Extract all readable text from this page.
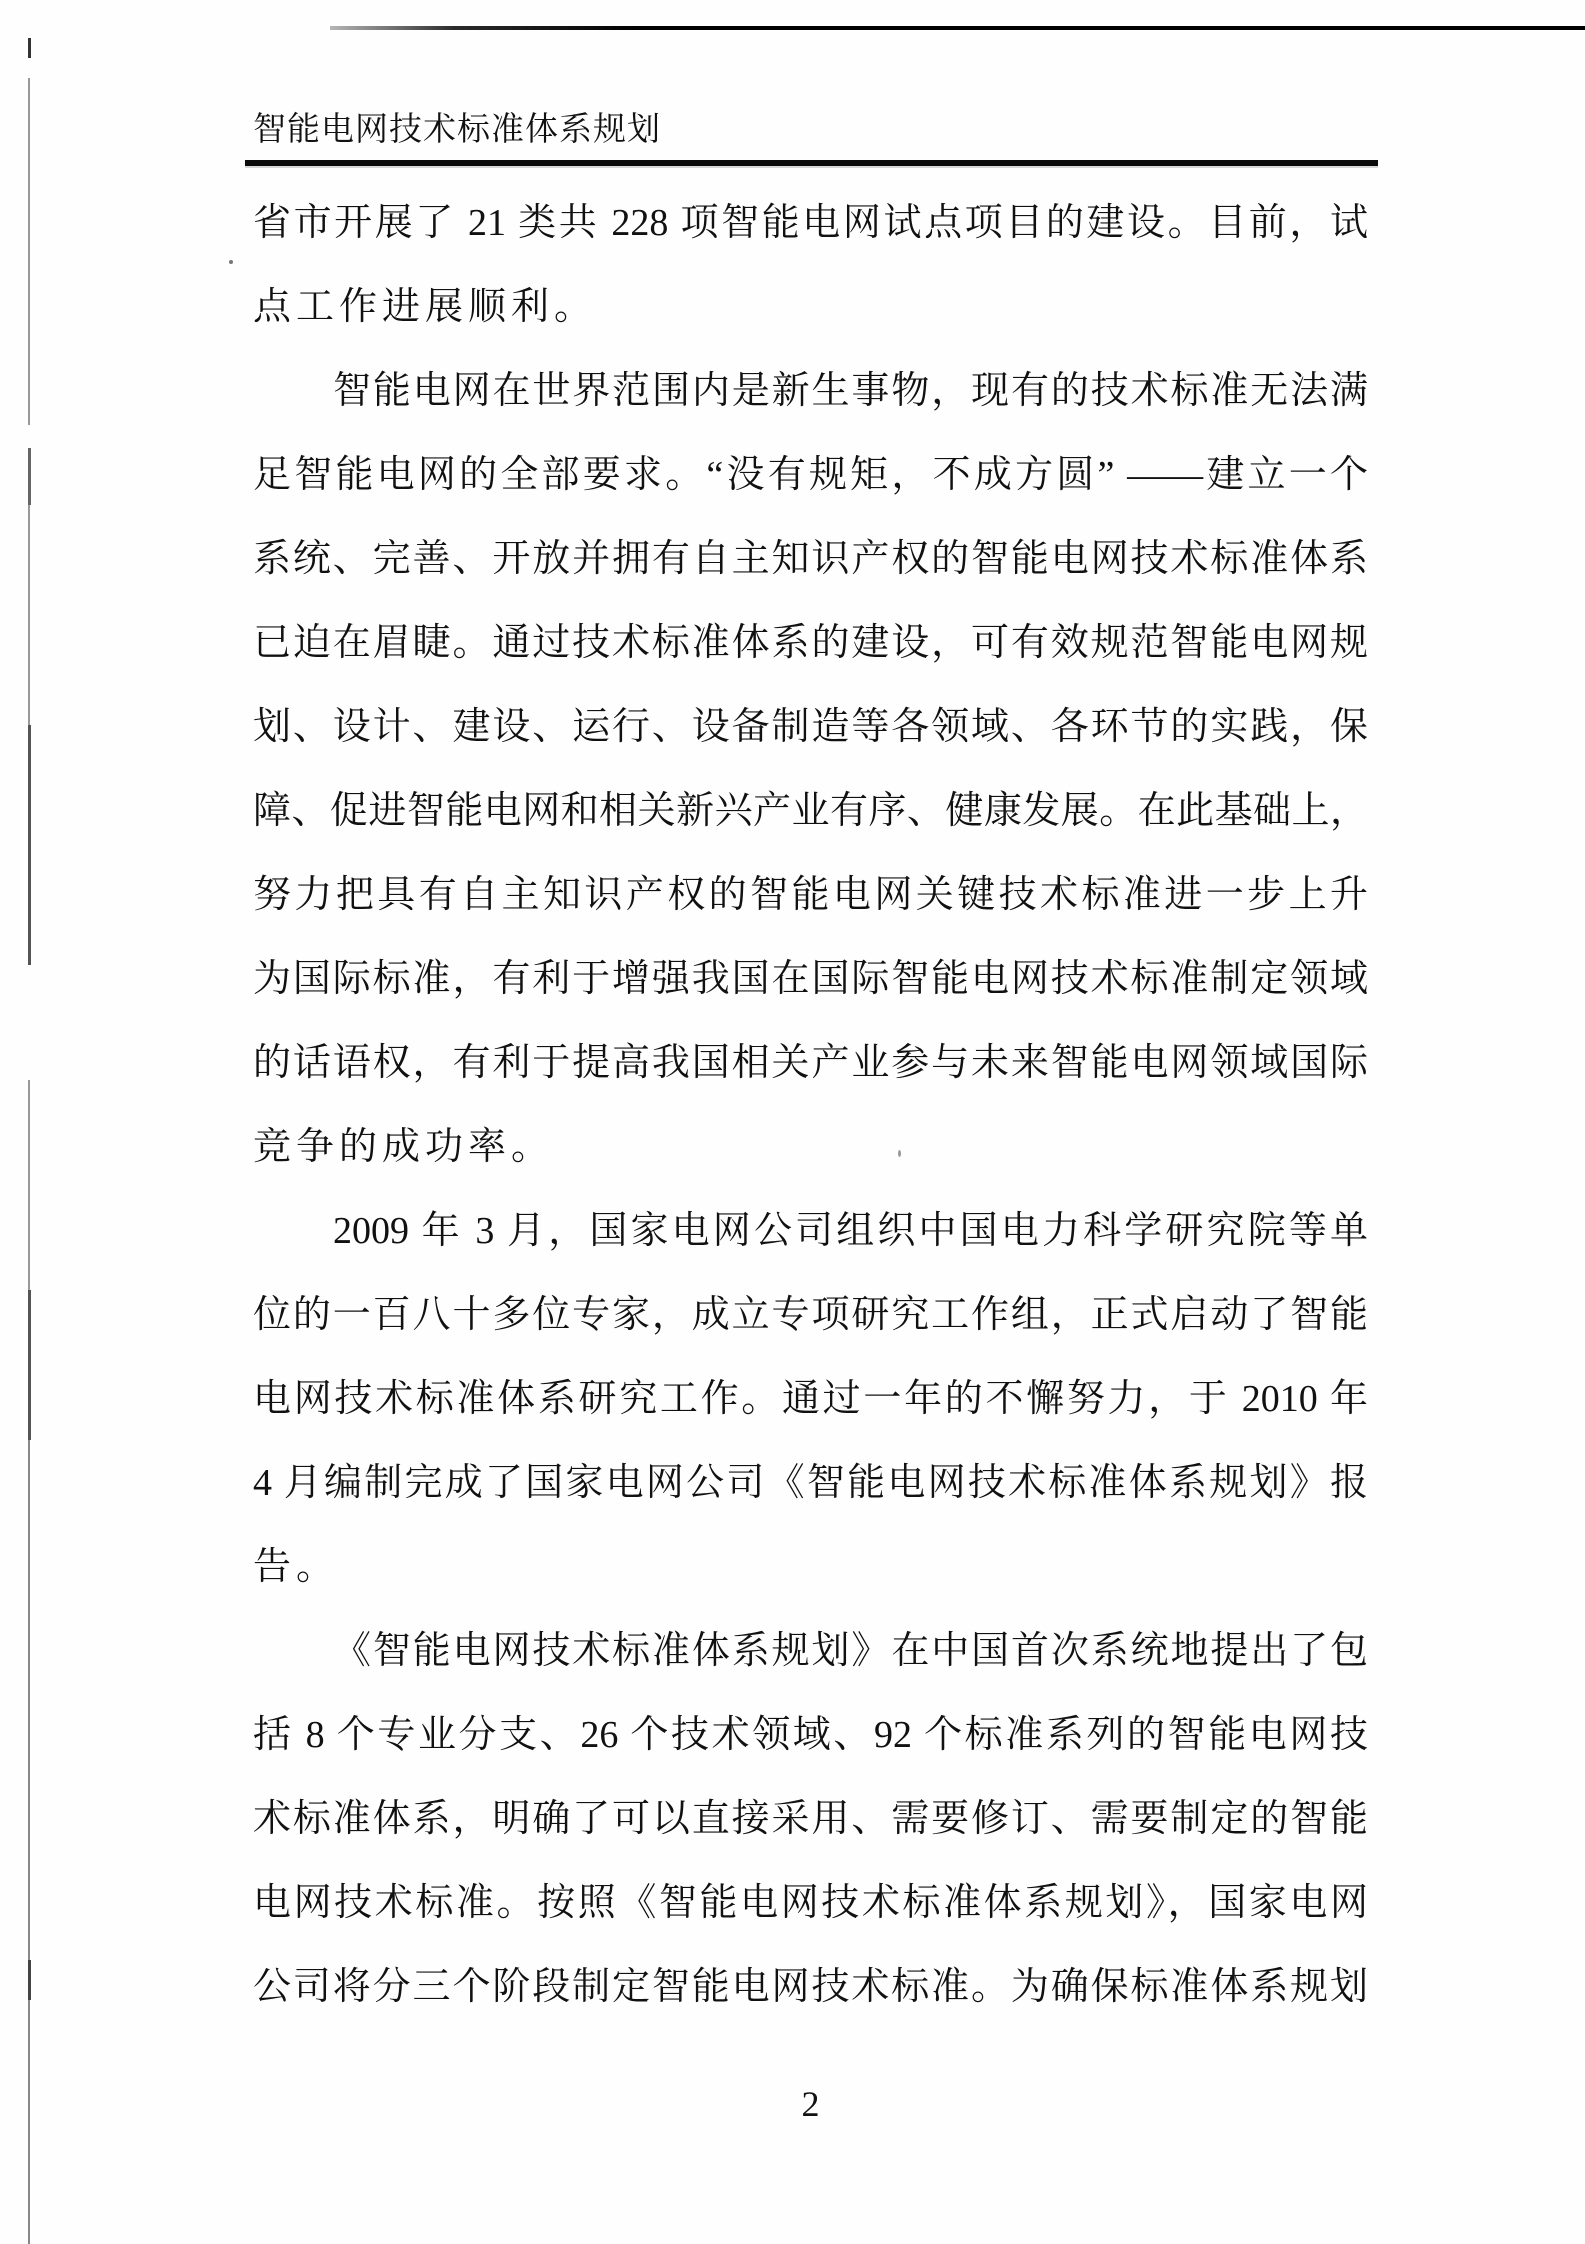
智能电网技术标准体系规划
省市开展了 21 类共 228 项智能电网试点项目的建设。目前，试
点工作进展顺利。
智能电网在世界范围内是新生事物，现有的技术标准无法满
足智能电网的全部要求。“没有规矩，不成方圆” ——建立一个
系统、完善、开放并拥有自主知识产权的智能电网技术标准体系
已迫在眉睫。通过技术标准体系的建设，可有效规范智能电网规
划、设计、建设、运行、设备制造等各领域、各环节的实践，保
障、促进智能电网和相关新兴产业有序、健康发展。在此基础上，
努力把具有自主知识产权的智能电网关键技术标准进一步上升
为国际标准，有利于增强我国在国际智能电网技术标准制定领域
的话语权，有利于提高我国相关产业参与未来智能电网领域国际
竞争的成功率。
2009 年 3 月，国家电网公司组织中国电力科学研究院等单
位的一百八十多位专家，成立专项研究工作组，正式启动了智能
电网技术标准体系研究工作。通过一年的不懈努力，于 2010 年
4 月编制完成了国家电网公司《智能电网技术标准体系规划》报
告。
《智能电网技术标准体系规划》在中国首次系统地提出了包
括 8 个专业分支、26 个技术领域、92 个标准系列的智能电网技
术标准体系，明确了可以直接采用、需要修订、需要制定的智能
电网技术标准。按照《智能电网技术标准体系规划》，国家电网
公司将分三个阶段制定智能电网技术标准。为确保标准体系规划
2
